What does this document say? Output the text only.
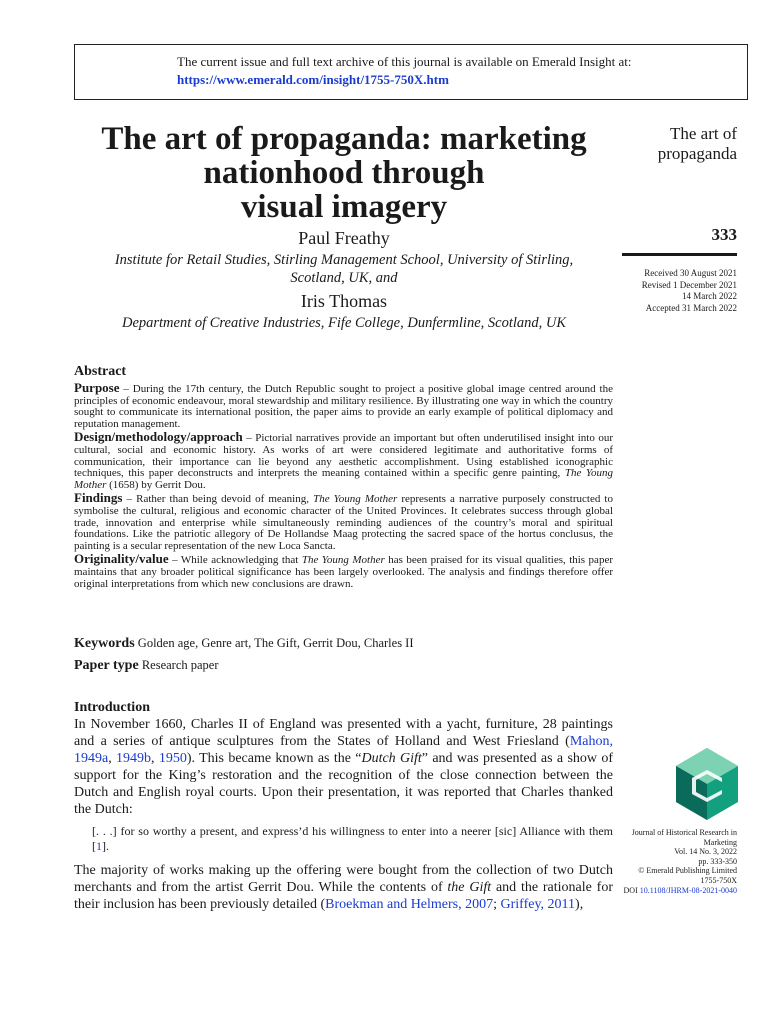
The current issue and full text archive of this journal is available on Emerald Insight at:
https://www.emerald.com/insight/1755-750X.htm
The art of propaganda: marketing
nationhood through
visual imagery
Paul Freathy
Institute for Retail Studies, Stirling Management School, University of Stirling,
Scotland, UK, and
Iris Thomas
Department of Creative Industries, Fife College, Dunfermline, Scotland, UK
The art of
propaganda
333
Received 30 August 2021
Revised 1 December 2021
14 March 2022
Accepted 31 March 2022
Abstract

Purpose – During the 17th century, the Dutch Republic sought to project a positive global image centred around the principles of economic endeavour, moral stewardship and military resilience. By illustrating one way in which the country sought to communicate its international position, the paper aims to provide an early example of political diplomacy and reputation management.

Design/methodology/approach – Pictorial narratives provide an important but often underutilised insight into our cultural, social and economic history. As works of art were considered legitimate and authoritative forms of communication, their importance can lie beyond any aesthetic accomplishment. Using established iconographic techniques, this paper deconstructs and interprets the meaning contained within a specific genre painting, The Young Mother (1658) by Gerrit Dou.

Findings – Rather than being devoid of meaning, The Young Mother represents a narrative purposely constructed to symbolise the cultural, religious and economic character of the United Provinces. It celebrates success through global trade, innovation and enterprise while simultaneously reminding audiences of the country’s moral and spiritual foundations. Like the patriotic allegory of De Hollandse Maag protecting the sacred space of the hortus conclusus, the painting is a secular representation of the new Loca Sancta.

Originality/value – While acknowledging that The Young Mother has been praised for its visual qualities, this paper maintains that any broader political significance has been largely overlooked. The analysis and findings therefore offer original interpretations from which new conclusions are drawn.

Keywords Golden age, Genre art, The Gift, Gerrit Dou, Charles II
Paper type Research paper
Introduction

In November 1660, Charles II of England was presented with a yacht, furniture, 28 paintings and a series of antique sculptures from the States of Holland and West Friesland (Mahon, 1949a, 1949b, 1950). This became known as the “Dutch Gift” and was presented as a show of support for the King’s restoration and the recognition of the close connection between the Dutch and English royal courts. Upon their presentation, it was reported that Charles thanked the Dutch:

[. . .] for so worthy a present, and express’d his willingness to enter into a neerer [sic] Alliance with them [1].

The majority of works making up the offering were bought from the collection of two Dutch merchants and from the artist Gerrit Dou. While the contents of the Gift and the rationale for their inclusion has been previously detailed (Broekman and Helmers, 2007; Griffey, 2011),

Journal of Historical Research in
Marketing
Vol. 14 No. 3, 2022
pp. 333-350
© Emerald Publishing Limited
1755-750X
DOI 10.1108/JHRM-08-2021-0040
